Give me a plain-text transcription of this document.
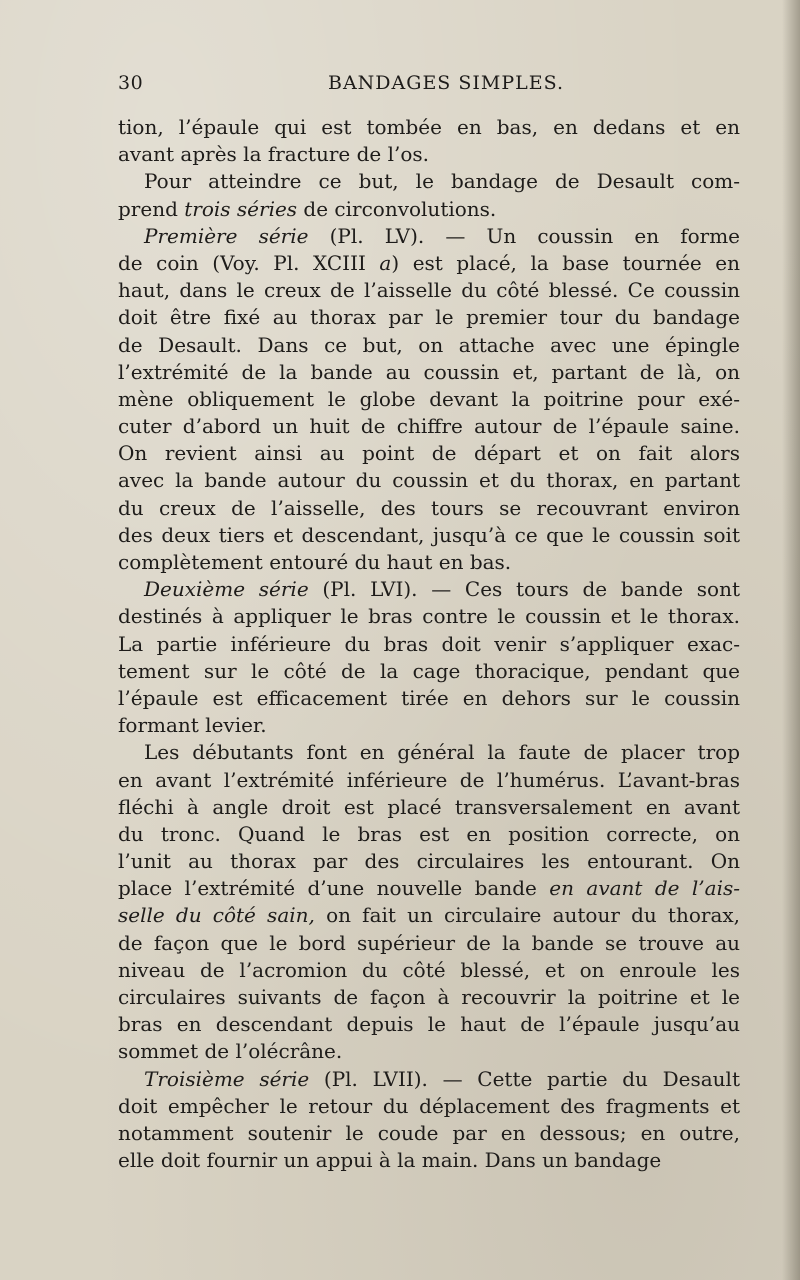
30	BANDAGES SIMPLES.
tion, l’épaule qui est tombée en bas, en dedans et en
avant après la fracture de l’os.
Pour atteindre ce but, le bandage de Desault com-
prend trois séries de circonvolutions.
Première série (Pl. LV). — Un coussin en forme
de coin (Voy. Pl. XCIII a) est placé, la base tournée en
haut, dans le creux de l’aisselle du côté blessé. Ce coussin
doit être fixé au thorax par le premier tour du bandage
de Desault. Dans ce but, on attache avec une épingle
l’extrémité de la bande au coussin et, partant de là, on
mène obliquement le globe devant la poitrine pour exé-
cuter d’abord un huit de chiffre autour de l’épaule saine.
On revient ainsi au point de départ et on fait alors
avec la bande autour du coussin et du thorax, en partant
du creux de l’aisselle, des tours se recouvrant environ
des deux tiers et descendant, jusqu’à ce que le coussin soit
complètement entouré du haut en bas.
Deuxième série (Pl. LVI). — Ces tours de bande sont
destinés à appliquer le bras contre le coussin et le thorax.
La partie inférieure du bras doit venir s’appliquer exac-
tement sur le côté de la cage thoracique, pendant que
l’épaule est efficacement tirée en dehors sur le coussin
formant levier.
Les débutants font en général la faute de placer trop
en avant l’extrémité inférieure de l’humérus. L’avant-bras
fléchi à angle droit est placé transversalement en avant
du tronc. Quand le bras est en position correcte, on
l’unit au thorax par des circulaires les entourant. On
place l’extrémité d’une nouvelle bande en avant de l’ais-
selle du côté sain, on fait un circulaire autour du thorax,
de façon que le bord supérieur de la bande se trouve au
niveau de l’acromion du côté blessé, et on enroule les
circulaires suivants de façon à recouvrir la poitrine et le
bras en descendant depuis le haut de l’épaule jusqu’au
sommet de l’olécrâne.
Troisième série (Pl. LVII). — Cette partie du Desault
doit empêcher le retour du déplacement des fragments et
notamment soutenir le coude par en dessous; en outre,
elle doit fournir un appui à la main. Dans un bandage
